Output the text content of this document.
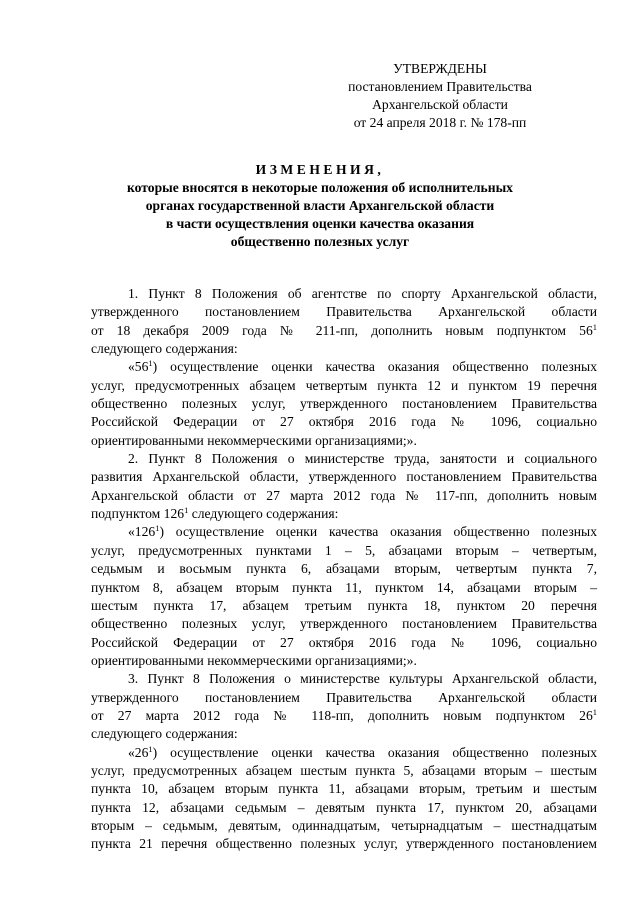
УТВЕРЖДЕНЫ
постановлением Правительства
Архангельской области
от 24 апреля 2018 г. № 178-пп
ИЗМЕНЕНИЯ,
которые вносятся в некоторые положения об исполнительных
органах государственной власти Архангельской области
в части осуществления оценки качества оказания
общественно полезных услуг
1. Пункт 8 Положения об агентстве по спорту Архангельской области,
утвержденного постановлением Правительства Архангельской области
от 18 декабря 2009 года № 211-пп, дополнить новым подпунктом $56^1$
следующего содержания:
«$56^1$) осуществление оценки качества оказания общественно полезных
услуг, предусмотренных абзацем четвертым пункта 12 и пунктом 19 перечня
общественно полезных услуг, утвержденного постановлением Правительства
Российской Федерации от 27 октября 2016 года № 1096, социально
ориентированными некоммерческими организациями;».
2. Пункт 8 Положения о министерстве труда, занятости и социального
развития Архангельской области, утвержденного постановлением Правительства
Архангельской области от 27 марта 2012 года № 117-пп, дополнить новым
подпунктом $126^1$ следующего содержания:
«$126^1$) осуществление оценки качества оказания общественно полезных
услуг, предусмотренных пунктами 1 – 5, абзацами вторым – четвертым,
седьмым и восьмым пункта 6, абзацами вторым, четвертым пункта 7,
пунктом 8, абзацем вторым пункта 11, пунктом 14, абзацами вторым –
шестым пункта 17, абзацем третьим пункта 18, пунктом 20 перечня
общественно полезных услуг, утвержденного постановлением Правительства
Российской Федерации от 27 октября 2016 года № 1096, социально
ориентированными некоммерческими организациями;».
3. Пункт 8 Положения о министерстве культуры Архангельской области,
утвержденного постановлением Правительства Архангельской области
от 27 марта 2012 года № 118-пп, дополнить новым подпунктом $26^1$
следующего содержания:
«$26^1$) осуществление оценки качества оказания общественно полезных
услуг, предусмотренных абзацем шестым пункта 5, абзацами вторым – шестым
пункта 10, абзацем вторым пункта 11, абзацами вторым, третьим и шестым
пункта 12, абзацами седьмым – девятым пункта 17, пунктом 20, абзацами
вторым – седьмым, девятым, одиннадцатым, четырнадцатым – шестнадцатым
пункта 21 перечня общественно полезных услуг, утвержденного постановлением
